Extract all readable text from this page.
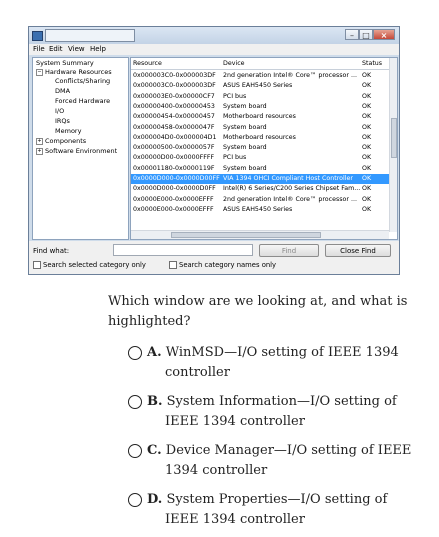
–	□	×
File Edit View Help
System Summary
− Hardware Resources
Conflicts/Sharing
DMA
Forced Hardware
I/O
IRQs
Memory
+ Components
+ Software Environment
Resource	Device	Status
0x000003C0-0x000003DF	2nd generation Intel® Core™ processor ... OK
0x000003C0-0x000003DF	ASUS EAH5450 Series	OK
0x000003E0-0x00000CF7	PCI bus	OK
0x00000400-0x00000453	System board	OK
0x00000454-0x00000457	Motherboard resources	OK
0x00000458-0x0000047F	System board	OK
0x000004D0-0x000004D1	Motherboard resources	OK
0x00000500-0x0000057F	System board	OK
0x00000D00-0x0000FFFF	PCI bus	OK
0x00001180-0x0000119F	System board	OK
0x0000D000-0x0000D00FF VIA 1394 OHCI Compliant Host Controller	OK
0x0000D000-0x0000D0FF	Intel(R) 6 Series/C200 Series Chipset Fam... OK
0x0000E000-0x0000EFFF	2nd generation Intel® Core™ processor ... OK
0x0000E000-0x0000EFFF	ASUS EAH5450 Series	OK
Find what:	Find	Close Find
Search selected category only	Search category names only
Which window are we looking at, and what is highlighted?
A. WinMSD—I/O setting of IEEE 1394
controller
B. System Information—I/O setting of
IEEE 1394 controller
C. Device Manager—I/O setting of IEEE
1394 controller
D. System Properties—I/O setting of
IEEE 1394 controller
